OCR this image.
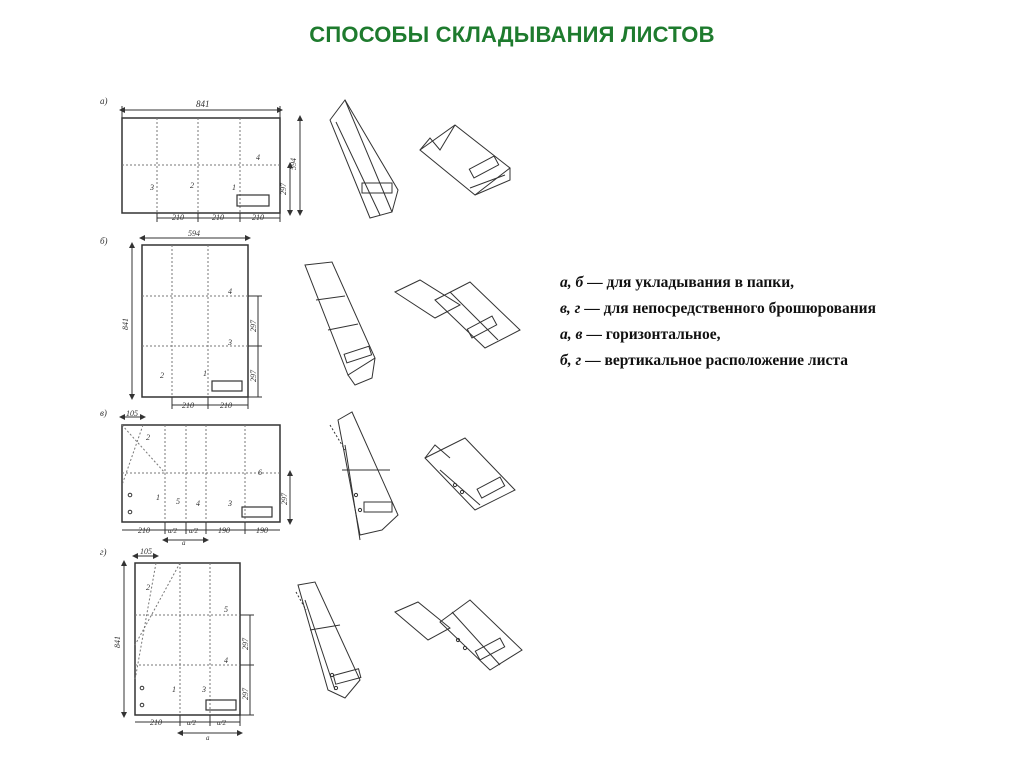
СПОСОБЫ СКЛАДЫВАНИЯ ЛИСТОВ
а)	841
594
297
210	210	210
1
2
3
4
б)
594
841	297
297
210	210
1
2
3
4
в) 105
297
210	a/2 a/2	190	190
a
1
2
3
4
5
6
г)	105
841	297
297
210	a/2	a/2
a
1
2
3
4
5
а, б — для укладывания в папки,
в, г — для непосредственного брошюрования
а, в — горизонтальное,
б, г — вертикальное расположение листа
